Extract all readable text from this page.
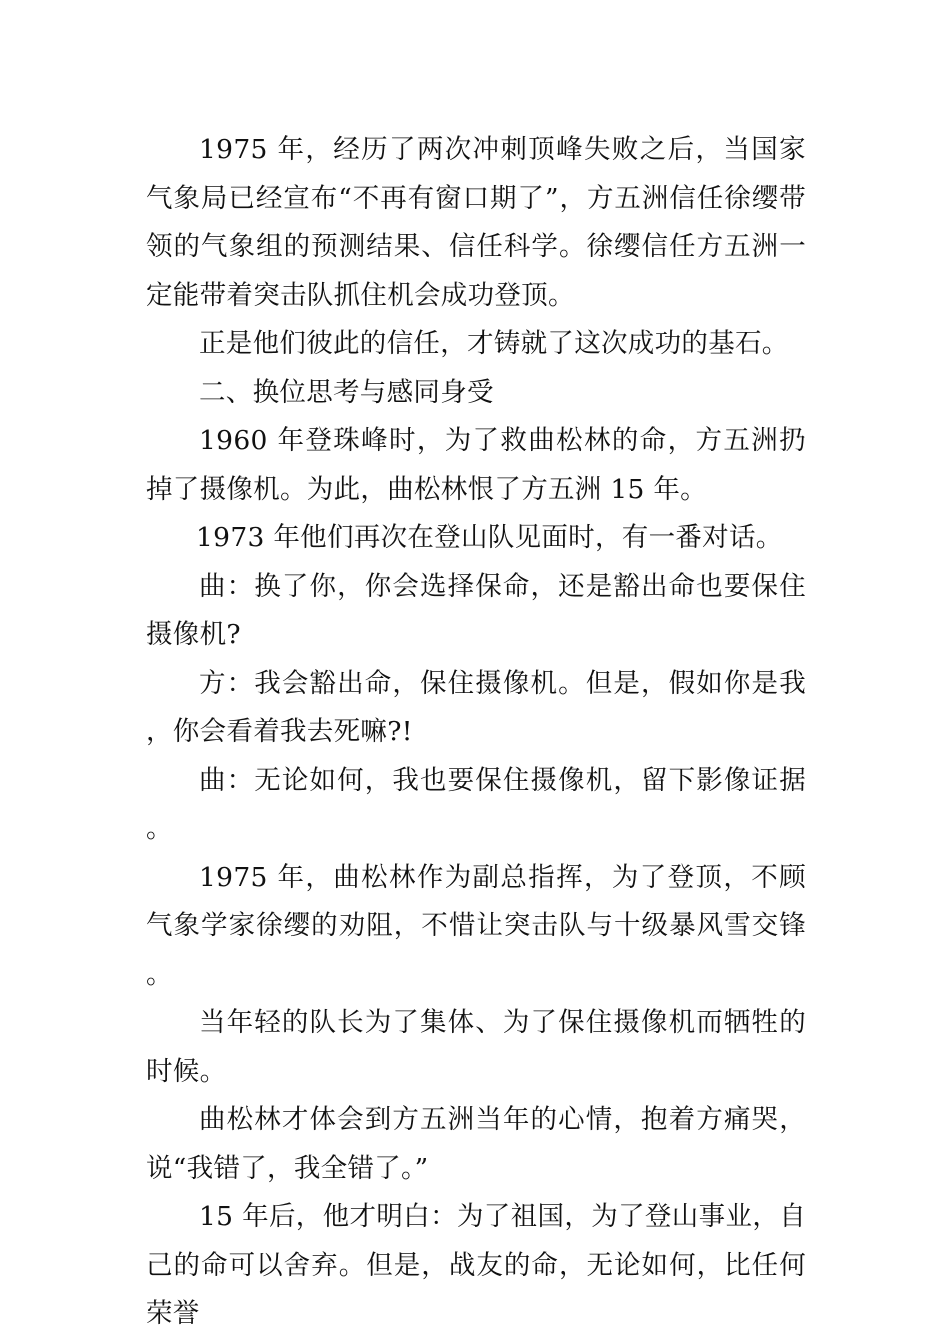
1975 年，经历了两次冲刺顶峰失败之后，当国家气象局已经宣布“不再有窗口期了”，方五洲信任徐缨带领的气象组的预测结果、信任科学。徐缨信任方五洲一定能带着突击队抓住机会成功登顶。

正是他们彼此的信任，才铸就了这次成功的基石。

二、换位思考与感同身受

1960 年登珠峰时，为了救曲松林的命，方五洲扔掉了摄像机。为此，曲松林恨了方五洲 15 年。

1973 年他们再次在登山队见面时，有一番对话。

曲：换了你，你会选择保命，还是豁出命也要保住摄像机?

方：我会豁出命，保住摄像机。但是，假如你是我，你会看着我去死嘛?!

曲：无论如何，我也要保住摄像机，留下影像证据。

1975 年，曲松林作为副总指挥，为了登顶，不顾气象学家徐缨的劝阻，不惜让突击队与十级暴风雪交锋。

当年轻的队长为了集体、为了保住摄像机而牺牲的时候。

曲松林才体会到方五洲当年的心情，抱着方痛哭，说“我错了，我全错了。”

15 年后，他才明白：为了祖国，为了登山事业，自己的命可以舍弃。但是，战友的命，无论如何，比任何荣誉
